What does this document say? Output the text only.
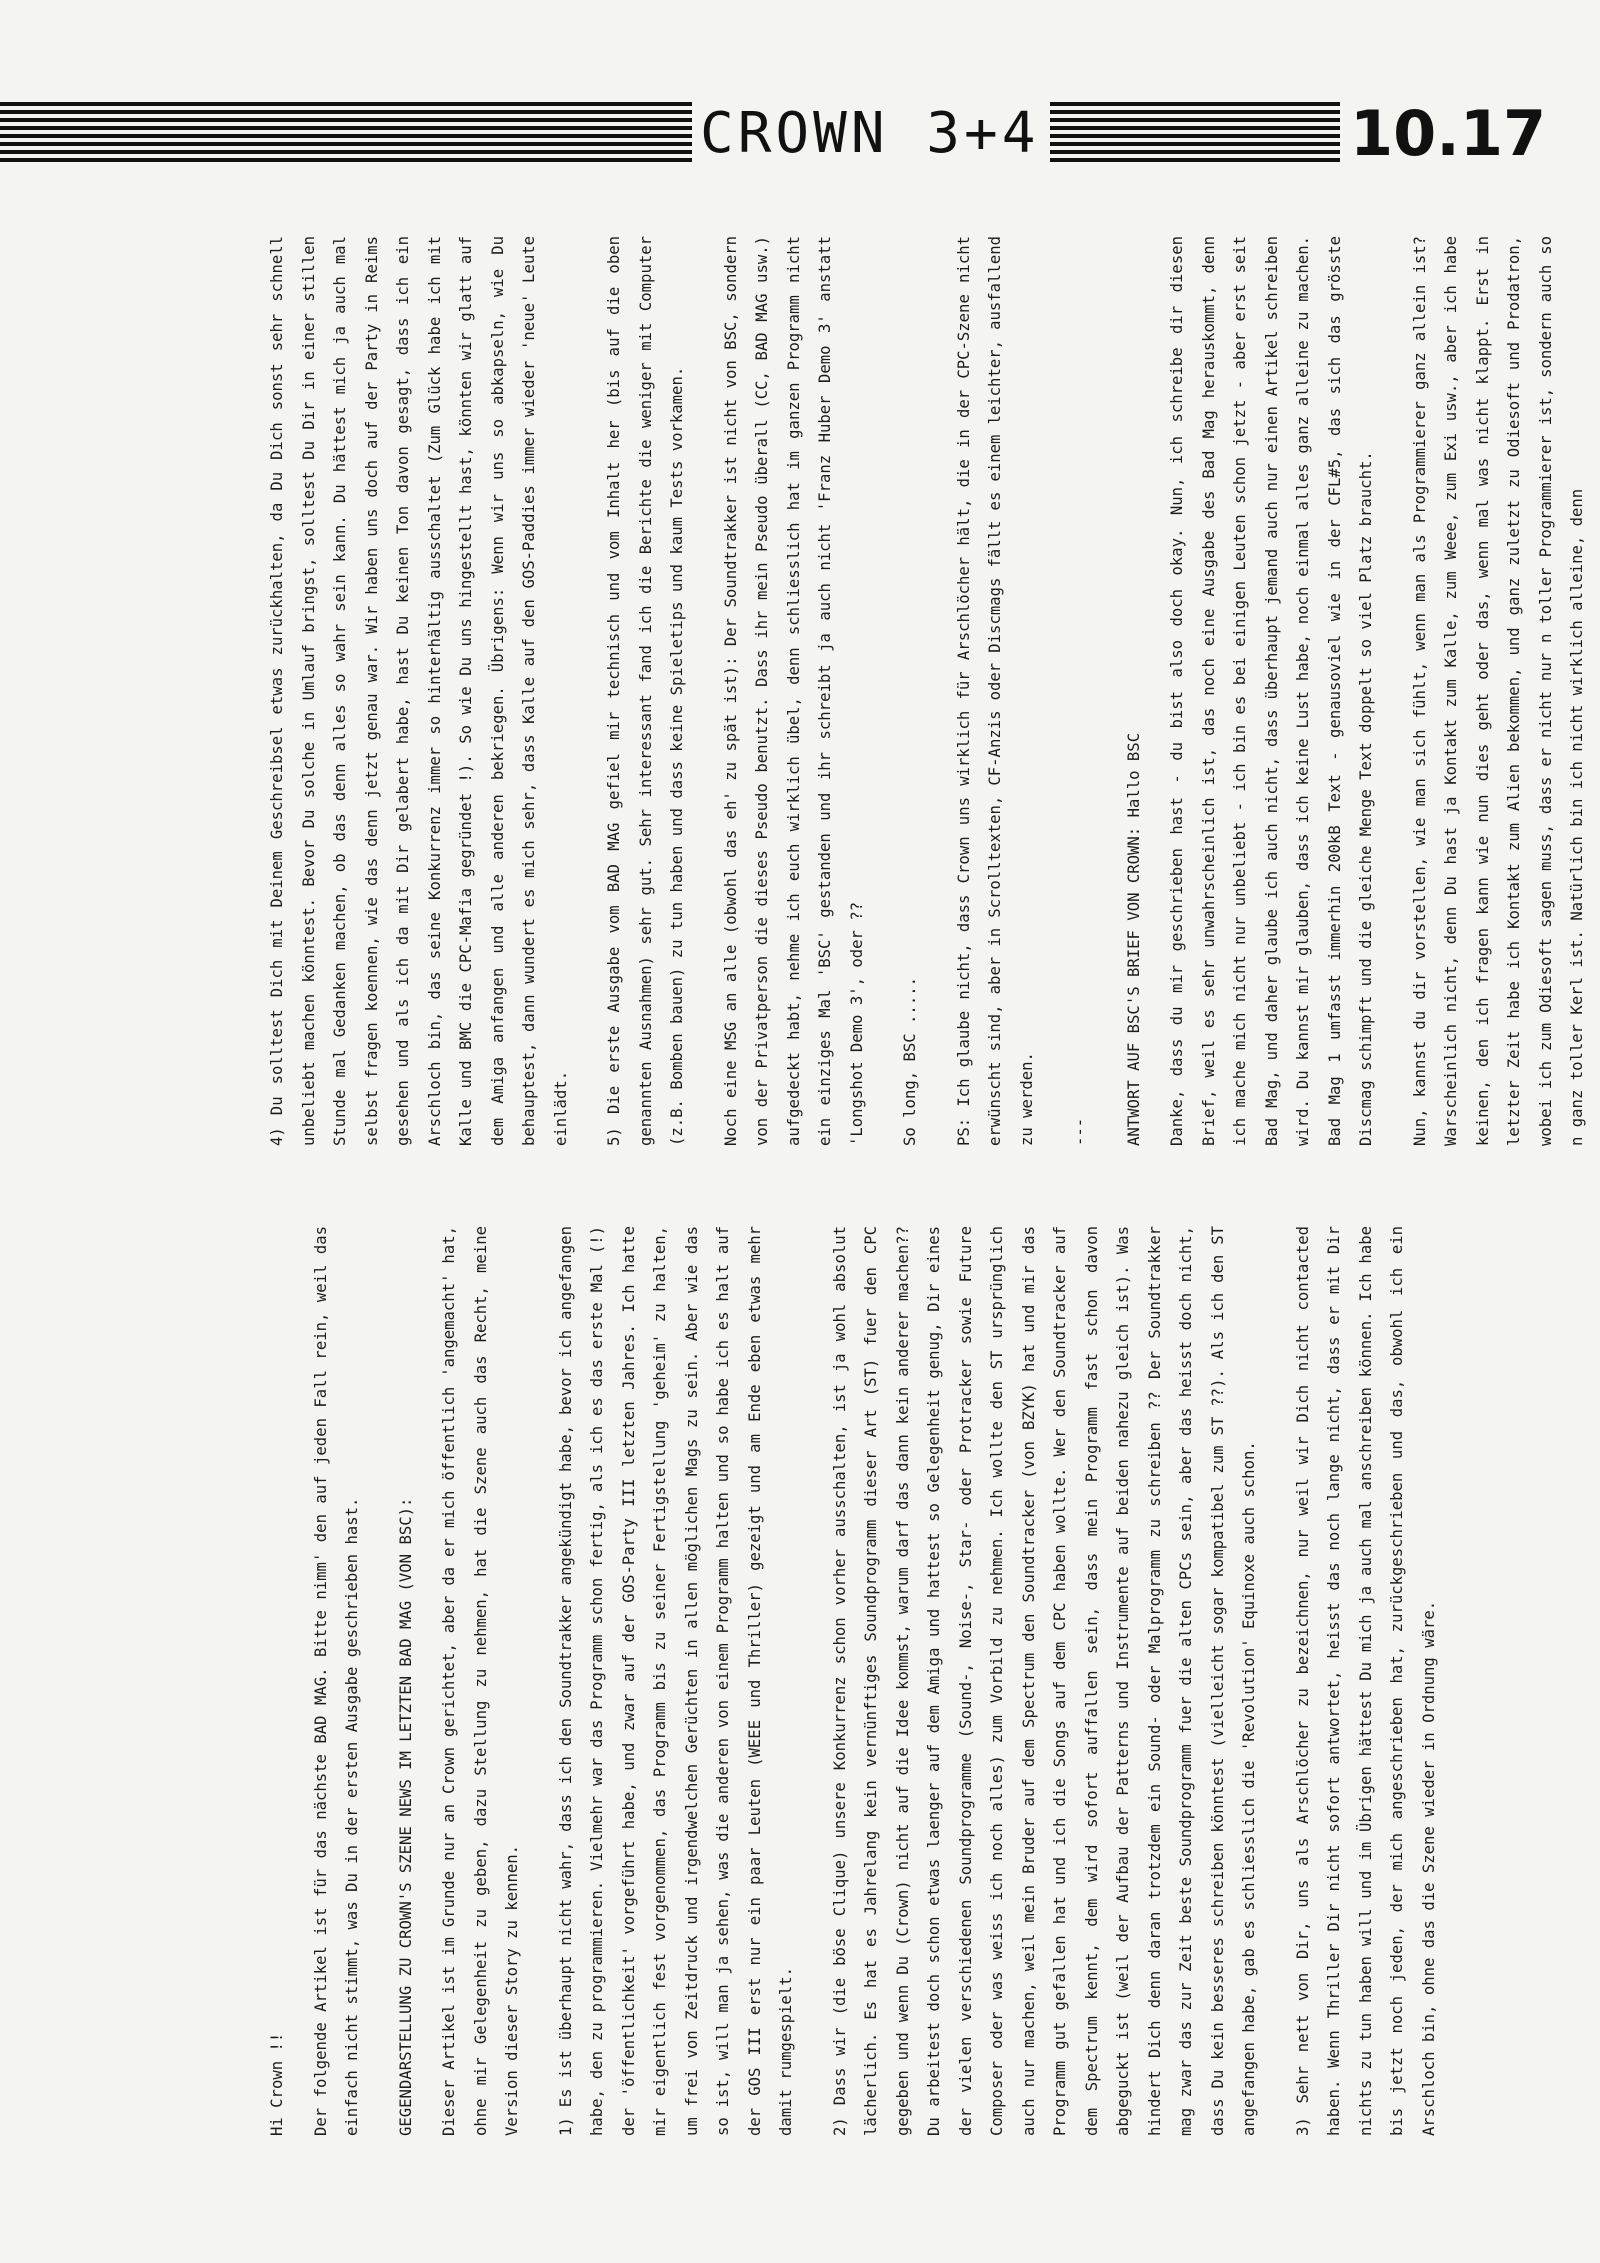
CROWN 3+4	10.17

Hi Crown !!	Der folgende Artikel ist für das nächste BAD MAG. Bitte nimm' den auf jeden Fall rein, weil das einfach nicht stimmt, was Du in der ersten Ausgabe geschrieben hast.	GEGENDARSTELLUNG ZU CROWN'S SZENE NEWS IM LETZTEN BAD MAG (VON BSC):	Dieser Artikel ist im Grunde nur an Crown gerichtet, aber da er mich öffentlich 'angemacht' hat, ohne mir Gelegenheit zu geben, dazu Stellung zu nehmen, hat die Szene auch das Recht, meine Version dieser Story zu kennen.	1) Es ist überhaupt nicht wahr, dass ich den Soundtrakker angekündigt habe, bevor ich angefangen habe, den zu programmieren. Vielmehr war das Programm schon fertig, als ich es das erste Mal (!) der 'öffentlichkeit' vorgeführt habe, und zwar auf der GOS-Party III letzten Jahres. Ich hatte mir eigentlich fest vorgenommen, das Programm bis zu seiner Fertigstellung 'geheim' zu halten, um frei von Zeitdruck und irgendwelchen Gerüchten in allen möglichen Mags zu sein. Aber wie das so ist, will man ja sehen, was die anderen von einem Programm halten und so habe ich es halt auf der GOS III erst nur ein paar Leuten (WEEE und Thriller) gezeigt und am Ende eben etwas mehr damit rumgespielt.	2) Dass wir (die böse Clique) unsere Konkurrenz schon vorher ausschalten, ist ja wohl absolut lächerlich. Es hat es Jahrelang kein vernünftiges Soundprogramm dieser Art (ST) fuer den CPC gegeben und wenn Du (Crown) nicht auf die Idee kommst, warum darf das dann kein anderer machen?? Du arbeitest doch schon etwas laenger auf dem Amiga und hattest so Gelegenheit genug, Dir eines der vielen verschiedenen Soundprogramme (Sound-, Noise-, Star- oder Protracker sowie Future Composer oder was weiss ich noch alles) zum Vorbild zu nehmen. Ich wollte den ST ursprünglich auch nur machen, weil mein Bruder auf dem Spectrum den Soundtracker (von BZYK) hat und mir das Programm gut gefallen hat und ich die Songs auf dem CPC haben wollte. Wer den Soundtracker auf dem Spectrum kennt, dem wird sofort auffallen sein, dass mein Programm fast schon davon abgeguckt ist (weil der Aufbau der Patterns und Instrumente auf beiden nahezu gleich ist). Was hindert Dich denn daran trotzdem ein Sound- oder Malprogramm zu schreiben ?? Der Soundtrakker mag zwar das zur Zeit beste Soundprogramm fuer die alten CPCs sein, aber das heisst doch nicht, dass Du kein besseres schreiben könntest (vielleicht sogar kompatibel zum ST ??). Als ich den ST angefangen habe, gab es schliesslich die 'Revolution' Equinoxe auch schon.	3) Sehr nett von Dir, uns als Arschlöcher zu bezeichnen, nur weil wir Dich nicht contacted haben. Wenn Thriller Dir nicht sofort antwortet, heisst das noch lange nicht, dass er mit Dir nichts zu tun haben will und im Übrigen hättest Du mich ja auch mal anschreiben können. Ich habe bis jetzt noch jeden, der mich angeschrieben hat, zurückgeschrieben und das, obwohl ich ein Arschloch bin, ohne das die Szene wieder in Ordnung wäre.

4) Du solltest Dich mit Deinem Geschreibsel etwas zurückhalten, da Du Dich sonst sehr schnell unbeliebt machen könntest. Bevor Du solche in Umlauf bringst, solltest Du Dir in einer stillen Stunde mal Gedanken machen, ob das denn alles so wahr sein kann. Du hättest mich ja auch mal selbst fragen koennen, wie das denn jetzt genau war. Wir haben uns doch auf der Party in Reims gesehen und als ich da mit Dir gelabert habe, hast Du keinen Ton davon gesagt, dass ich ein Arschloch bin, das seine Konkurrenz immer so hinterhältig ausschaltet (Zum Glück habe ich mit Kalle und BMC die CPC-Mafia gegründet !). So wie Du uns hingestellt hast, könnten wir glatt auf dem Amiga anfangen und alle anderen bekriegen. Übrigens: Wenn wir uns so abkapseln, wie Du behauptest, dann wundert es mich sehr, dass Kalle auf den GOS-Paddies immer wieder 'neue' Leute einlädt.	5) Die erste Ausgabe vom BAD MAG gefiel mir technisch und vom Inhalt her (bis auf die oben genannten Ausnahmen) sehr gut. Sehr interessant fand ich die Berichte die weniger mit Computer (z.B. Bomben bauen) zu tun haben und dass keine Spieletips und kaum Tests vorkamen.	Noch eine MSG an alle (obwohl das eh' zu spät ist): Der Soundtrakker ist nicht von BSC, sondern von der Privatperson die dieses Pseudo benutzt. Dass ihr mein Pseudo überall (CC, BAD MAG usw.) aufgedeckt habt, nehme ich euch wirklich übel, denn schliesslich hat im ganzen Programm nicht ein einziges Mal 'BSC' gestanden und ihr schreibt ja auch nicht 'Franz Huber Demo 3' anstatt 'Longshot Demo 3', oder ??	So long, BSC .....	PS: Ich glaube nicht, dass Crown uns wirklich für Arschlöcher hält, die in der CPC-Szene nicht erwünscht sind, aber in Scrolltexten, CF-Anzis oder Discmags fällt es einem leichter, ausfallend zu werden.	---	ANTWORT AUF BSC'S BRIEF VON CROWN: Hallo BSC	Danke, dass du mir geschrieben hast - du bist also doch okay. Nun, ich schreibe dir diesen Brief, weil es sehr unwahrscheinlich ist, das noch eine Ausgabe des Bad Mag herauskommt, denn ich mache mich nicht nur unbeliebt - ich bin es bei einigen Leuten schon jetzt - aber erst seit Bad Mag, und daher glaube ich auch nicht, dass überhaupt jemand auch nur einen Artikel schreiben wird. Du kannst mir glauben, dass ich keine Lust habe, noch einmal alles ganz alleine zu machen. Bad Mag 1 umfasst immerhin 200kB Text - genausoviel wie in der CFL#5, das sich das grösste Discmag schimpft und die gleiche Menge Text doppelt so viel Platz braucht.	Nun, kannst du dir vorstellen, wie man sich fühlt, wenn man als Programmierer ganz allein ist? Warscheinlich nicht, denn Du hast ja Kontakt zum Kalle, zum Weee, zum Exi usw., aber ich habe keinen, den ich fragen kann wie nun dies geht oder das, wenn mal was nicht klappt. Erst in letzter Zeit habe ich Kontakt zum Alien bekommen, und ganz zuletzt zu Odiesoft und Prodatron, wobei ich zum Odiesoft sagen muss, dass er nicht nur n toller Programmierer ist, sondern auch so n ganz toller Kerl ist. Natürlich bin ich nicht wirklich alleine, denn
